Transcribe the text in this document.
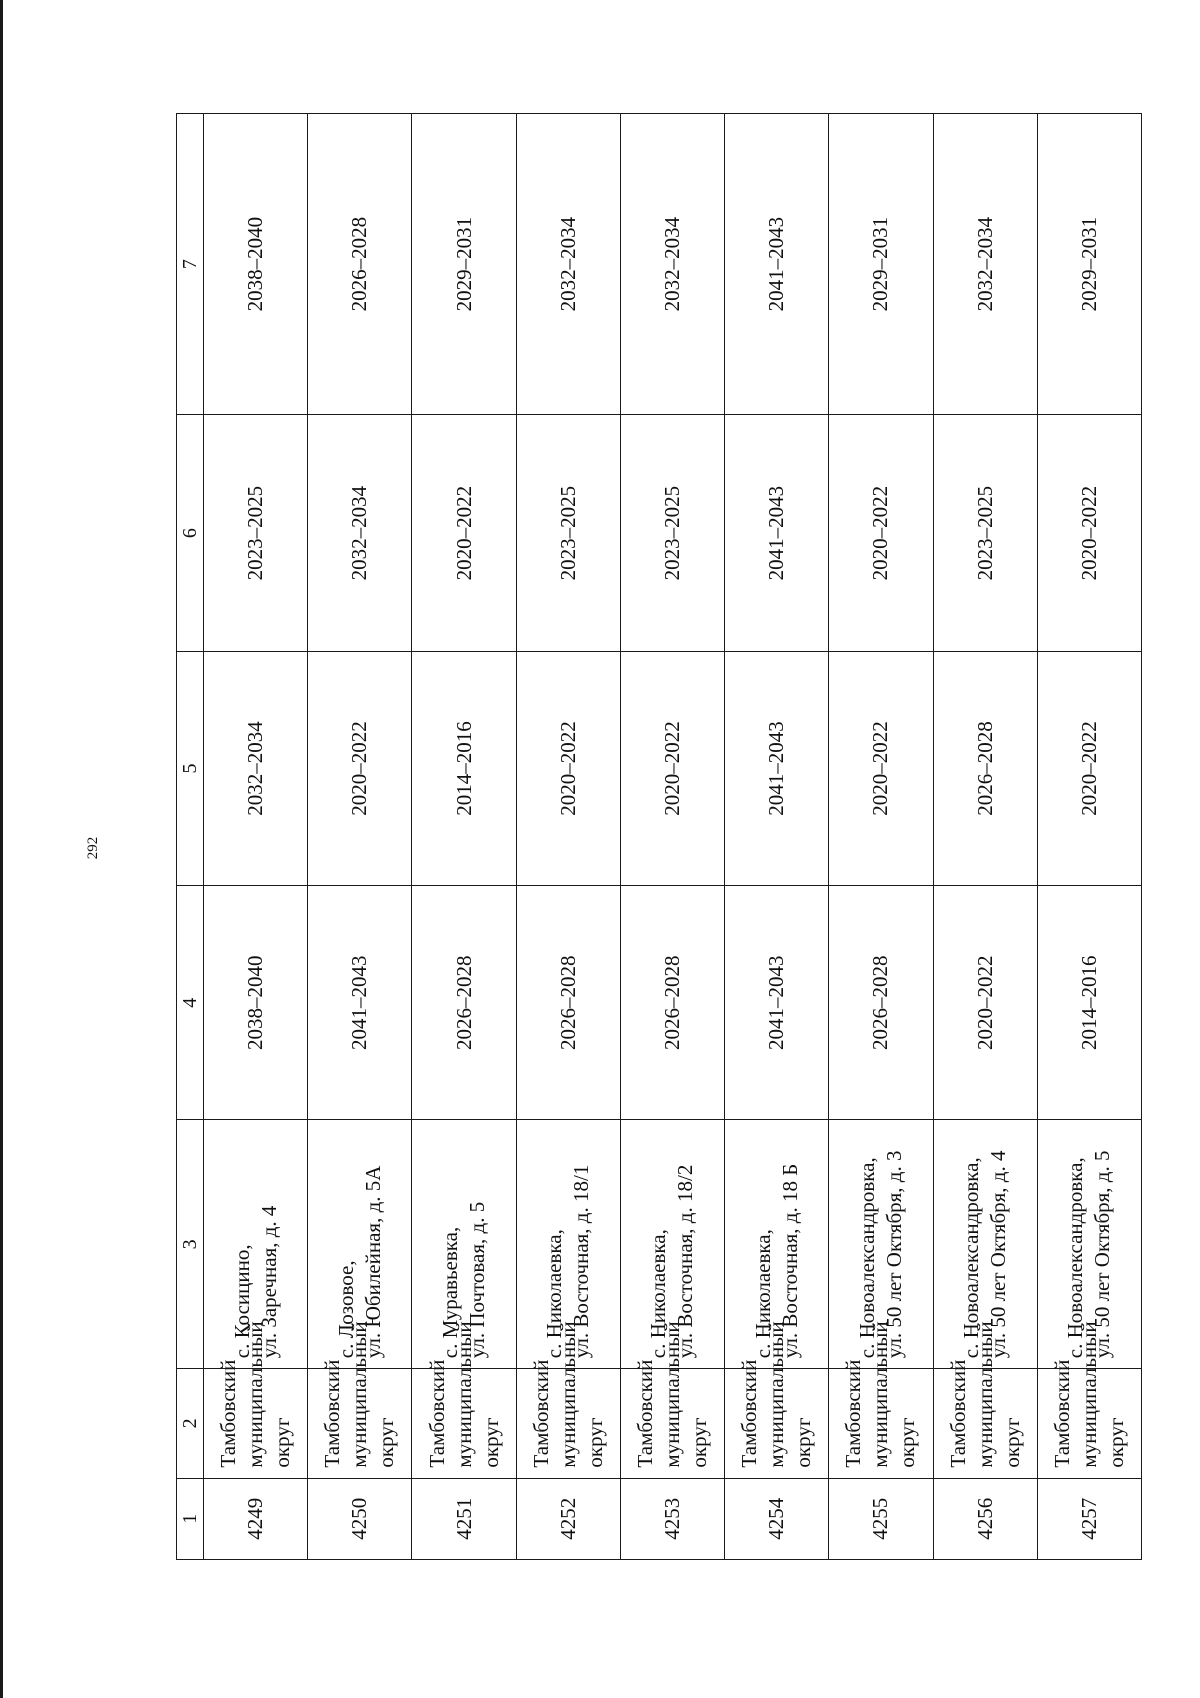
292
1	2	3	4	5	6	7
4249	Тамбовский муниципальный округ	с. Косицино, ул. Заречная, д. 4	2038–2040	2032–2034	2023–2025	2038–2040
4250	Тамбовский муниципальный округ	с. Лозовое, ул. Юбилейная, д. 5А	2041–2043	2020–2022	2032–2034	2026–2028
4251	Тамбовский муниципальный округ	с. Муравьевка, ул. Почтовая, д. 5	2026–2028	2014–2016	2020–2022	2029–2031
4252	Тамбовский муниципальный округ	с. Николаевка, ул. Восточная, д. 18/1	2026–2028	2020–2022	2023–2025	2032–2034
4253	Тамбовский муниципальный округ	с. Николаевка, ул. Восточная, д. 18/2	2026–2028	2020–2022	2023–2025	2032–2034
4254	Тамбовский муниципальный округ	с. Николаевка, ул. Восточная, д. 18 Б	2041–2043	2041–2043	2041–2043	2041–2043
4255	Тамбовский муниципальный округ	с. Новоалександровка, ул. 50 лет Октября, д. 3	2026–2028	2020–2022	2020–2022	2029–2031
4256	Тамбовский муниципальный округ	с. Новоалександровка, ул. 50 лет Октября, д. 4	2020–2022	2026–2028	2023–2025	2032–2034
4257	Тамбовский муниципальный округ	с. Новоалександровка, ул. 50 лет Октября, д. 5	2014–2016	2020–2022	2020–2022	2029–2031
